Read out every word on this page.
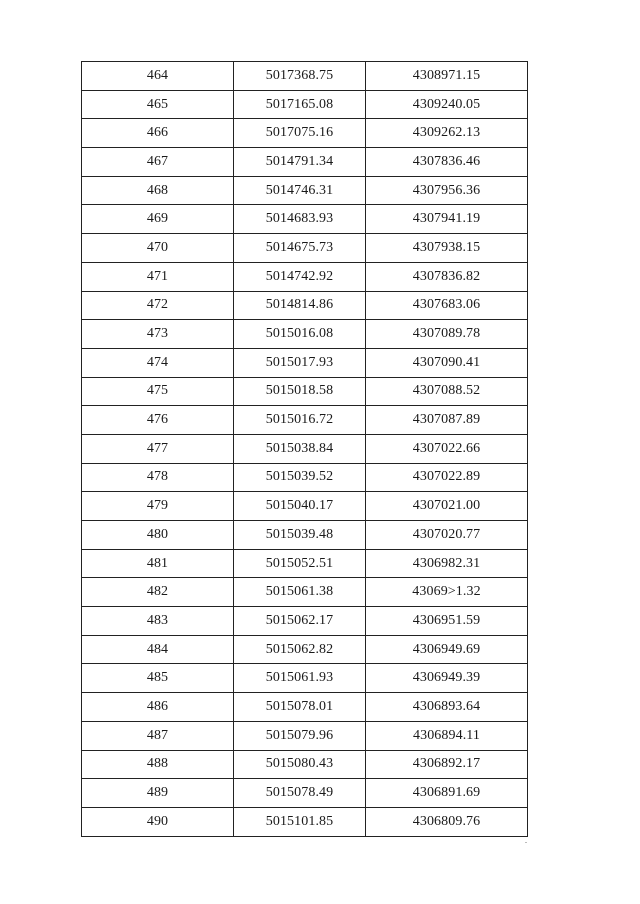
464	5017368.75	4308971.15
465	5017165.08	4309240.05
466	5017075.16	4309262.13
467	5014791.34	4307836.46
468	5014746.31	4307956.36
469	5014683.93	4307941.19
470	5014675.73	4307938.15
471	5014742.92	4307836.82
472	5014814.86	4307683.06
473	5015016.08	4307089.78
474	5015017.93	4307090.41
475	5015018.58	4307088.52
476	5015016.72	4307087.89
477	5015038.84	4307022.66
478	5015039.52	4307022.89
479	5015040.17	4307021.00
480	5015039.48	4307020.77
481	5015052.51	4306982.31
482	5015061.38	43069>1.32
483	5015062.17	4306951.59
484	5015062.82	4306949.69
485	5015061.93	4306949.39
486	5015078.01	4306893.64
487	5015079.96	4306894.11
488	5015080.43	4306892.17
489	5015078.49	4306891.69
490	5015101.85	4306809.76
